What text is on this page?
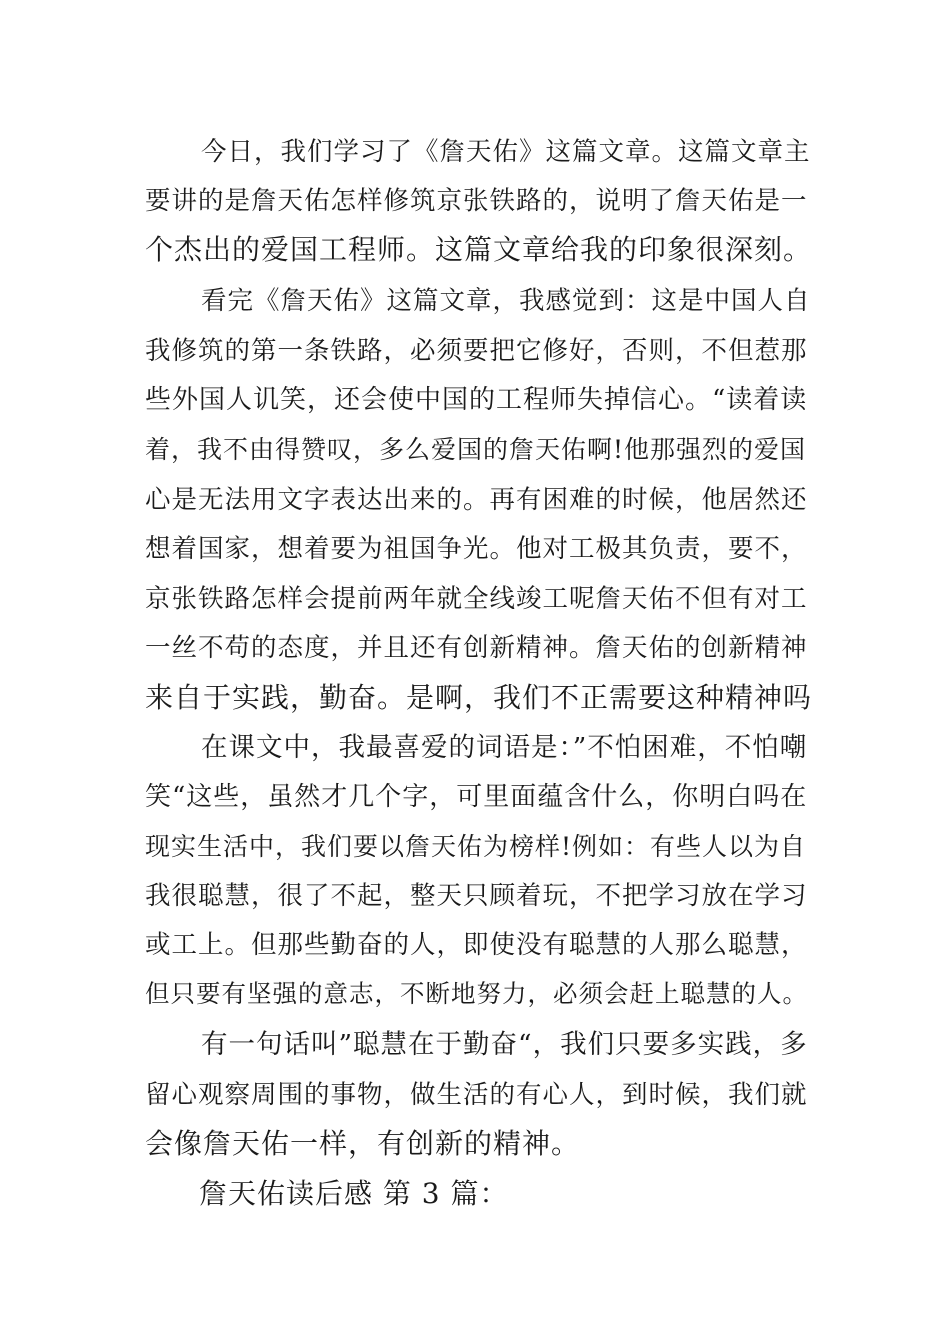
今日，我们学习了《詹天佑》这篇文章。这篇文章主
要讲的是詹天佑怎样修筑京张铁路的，说明了詹天佑是一
个杰出的爱国工程师。这篇文章给我的印象很深刻。
看完《詹天佑》这篇文章，我感觉到：这是中国人自
我修筑的第一条铁路，必须要把它修好，否则，不但惹那
些外国人讥笑，还会使中国的工程师失掉信心。“读着读
着，我不由得赞叹，多么爱国的詹天佑啊!他那强烈的爱国
心是无法用文字表达出来的。再有困难的时候，他居然还
想着国家，想着要为祖国争光。他对工极其负责，要不，
京张铁路怎样会提前两年就全线竣工呢詹天佑不但有对工
一丝不苟的态度，并且还有创新精神。詹天佑的创新精神
来自于实践，勤奋。是啊，我们不正需要这种精神吗
在课文中，我最喜爱的词语是：”不怕困难，不怕嘲
笑“这些，虽然才几个字，可里面蕴含什么，你明白吗在
现实生活中，我们要以詹天佑为榜样!例如：有些人以为自
我很聪慧，很了不起，整天只顾着玩，不把学习放在学习
或工上。但那些勤奋的人，即使没有聪慧的人那么聪慧，
但只要有坚强的意志，不断地努力，必须会赶上聪慧的人。
有一句话叫”聪慧在于勤奋“，我们只要多实践，多
留心观察周围的事物，做生活的有心人，到时候，我们就
会像詹天佑一样，有创新的精神。
詹天佑读后感 第 3 篇：
